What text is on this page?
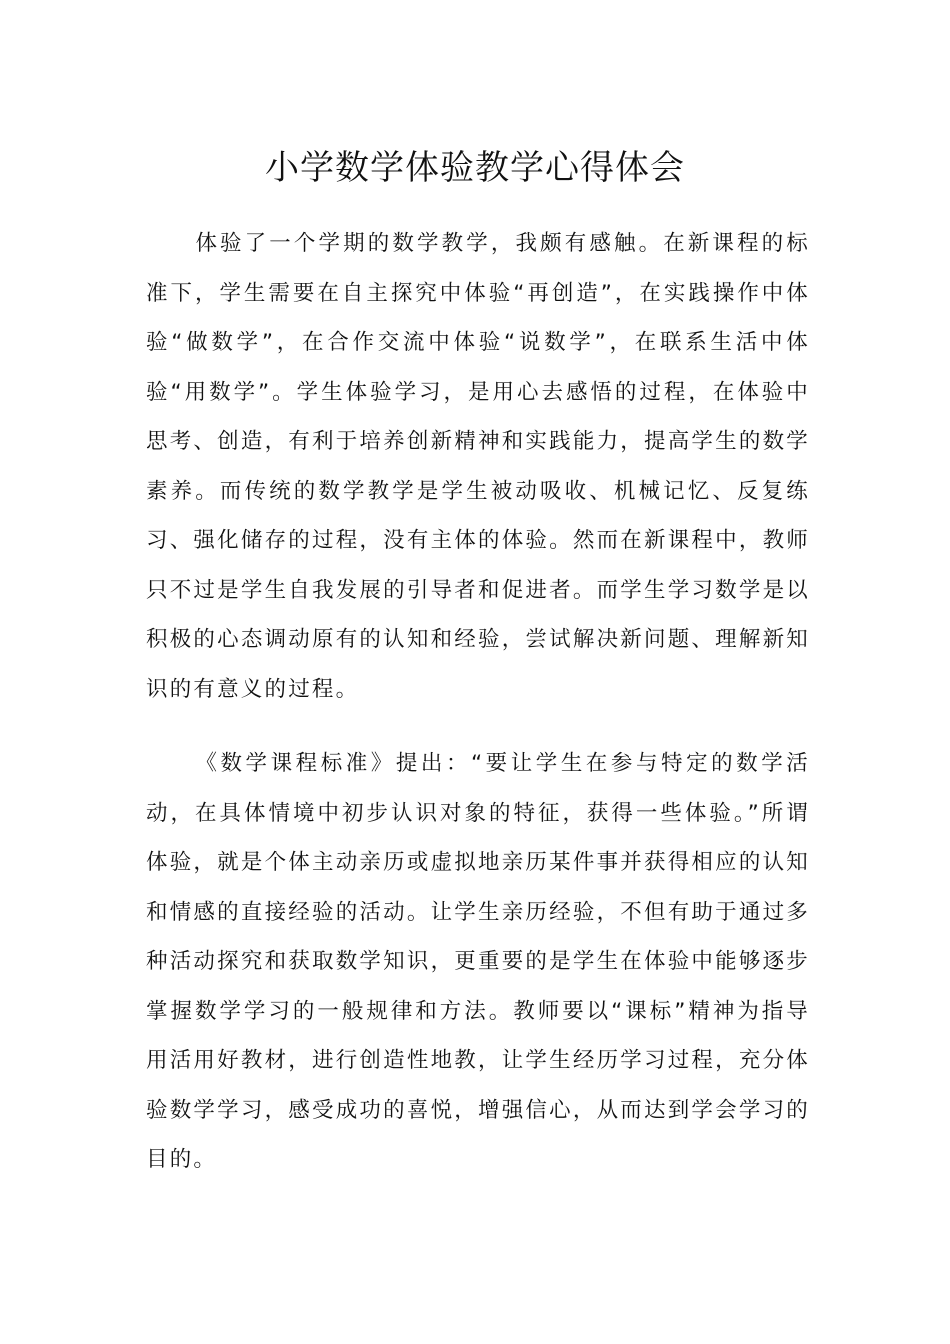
小学数学体验教学心得体会

体验了一个学期的数学教学，我颇有感触。在新课程的标准下，学生需要在自主探究中体验“再创造”，在实践操作中体验“做数学”，在合作交流中体验“说数学”，在联系生活中体验“用数学”。学生体验学习，是用心去感悟的过程，在体验中思考、创造，有利于培养创新精神和实践能力，提高学生的数学素养。而传统的数学教学是学生被动吸收、机械记忆、反复练习、强化储存的过程，没有主体的体验。然而在新课程中，教师只不过是学生自我发展的引导者和促进者。而学生学习数学是以积极的心态调动原有的认知和经验，尝试解决新问题、理解新知识的有意义的过程。

《数学课程标准》提出：“要让学生在参与特定的数学活动，在具体情境中初步认识对象的特征，获得一些体验。”所谓体验，就是个体主动亲历或虚拟地亲历某件事并获得相应的认知和情感的直接经验的活动。让学生亲历经验，不但有助于通过多种活动探究和获取数学知识，更重要的是学生在体验中能够逐步掌握数学学习的一般规律和方法。教师要以“课标”精神为指导用活用好教材，进行创造性地教，让学生经历学习过程，充分体验数学学习，感受成功的喜悦，增强信心，从而达到学会学习的目的。
